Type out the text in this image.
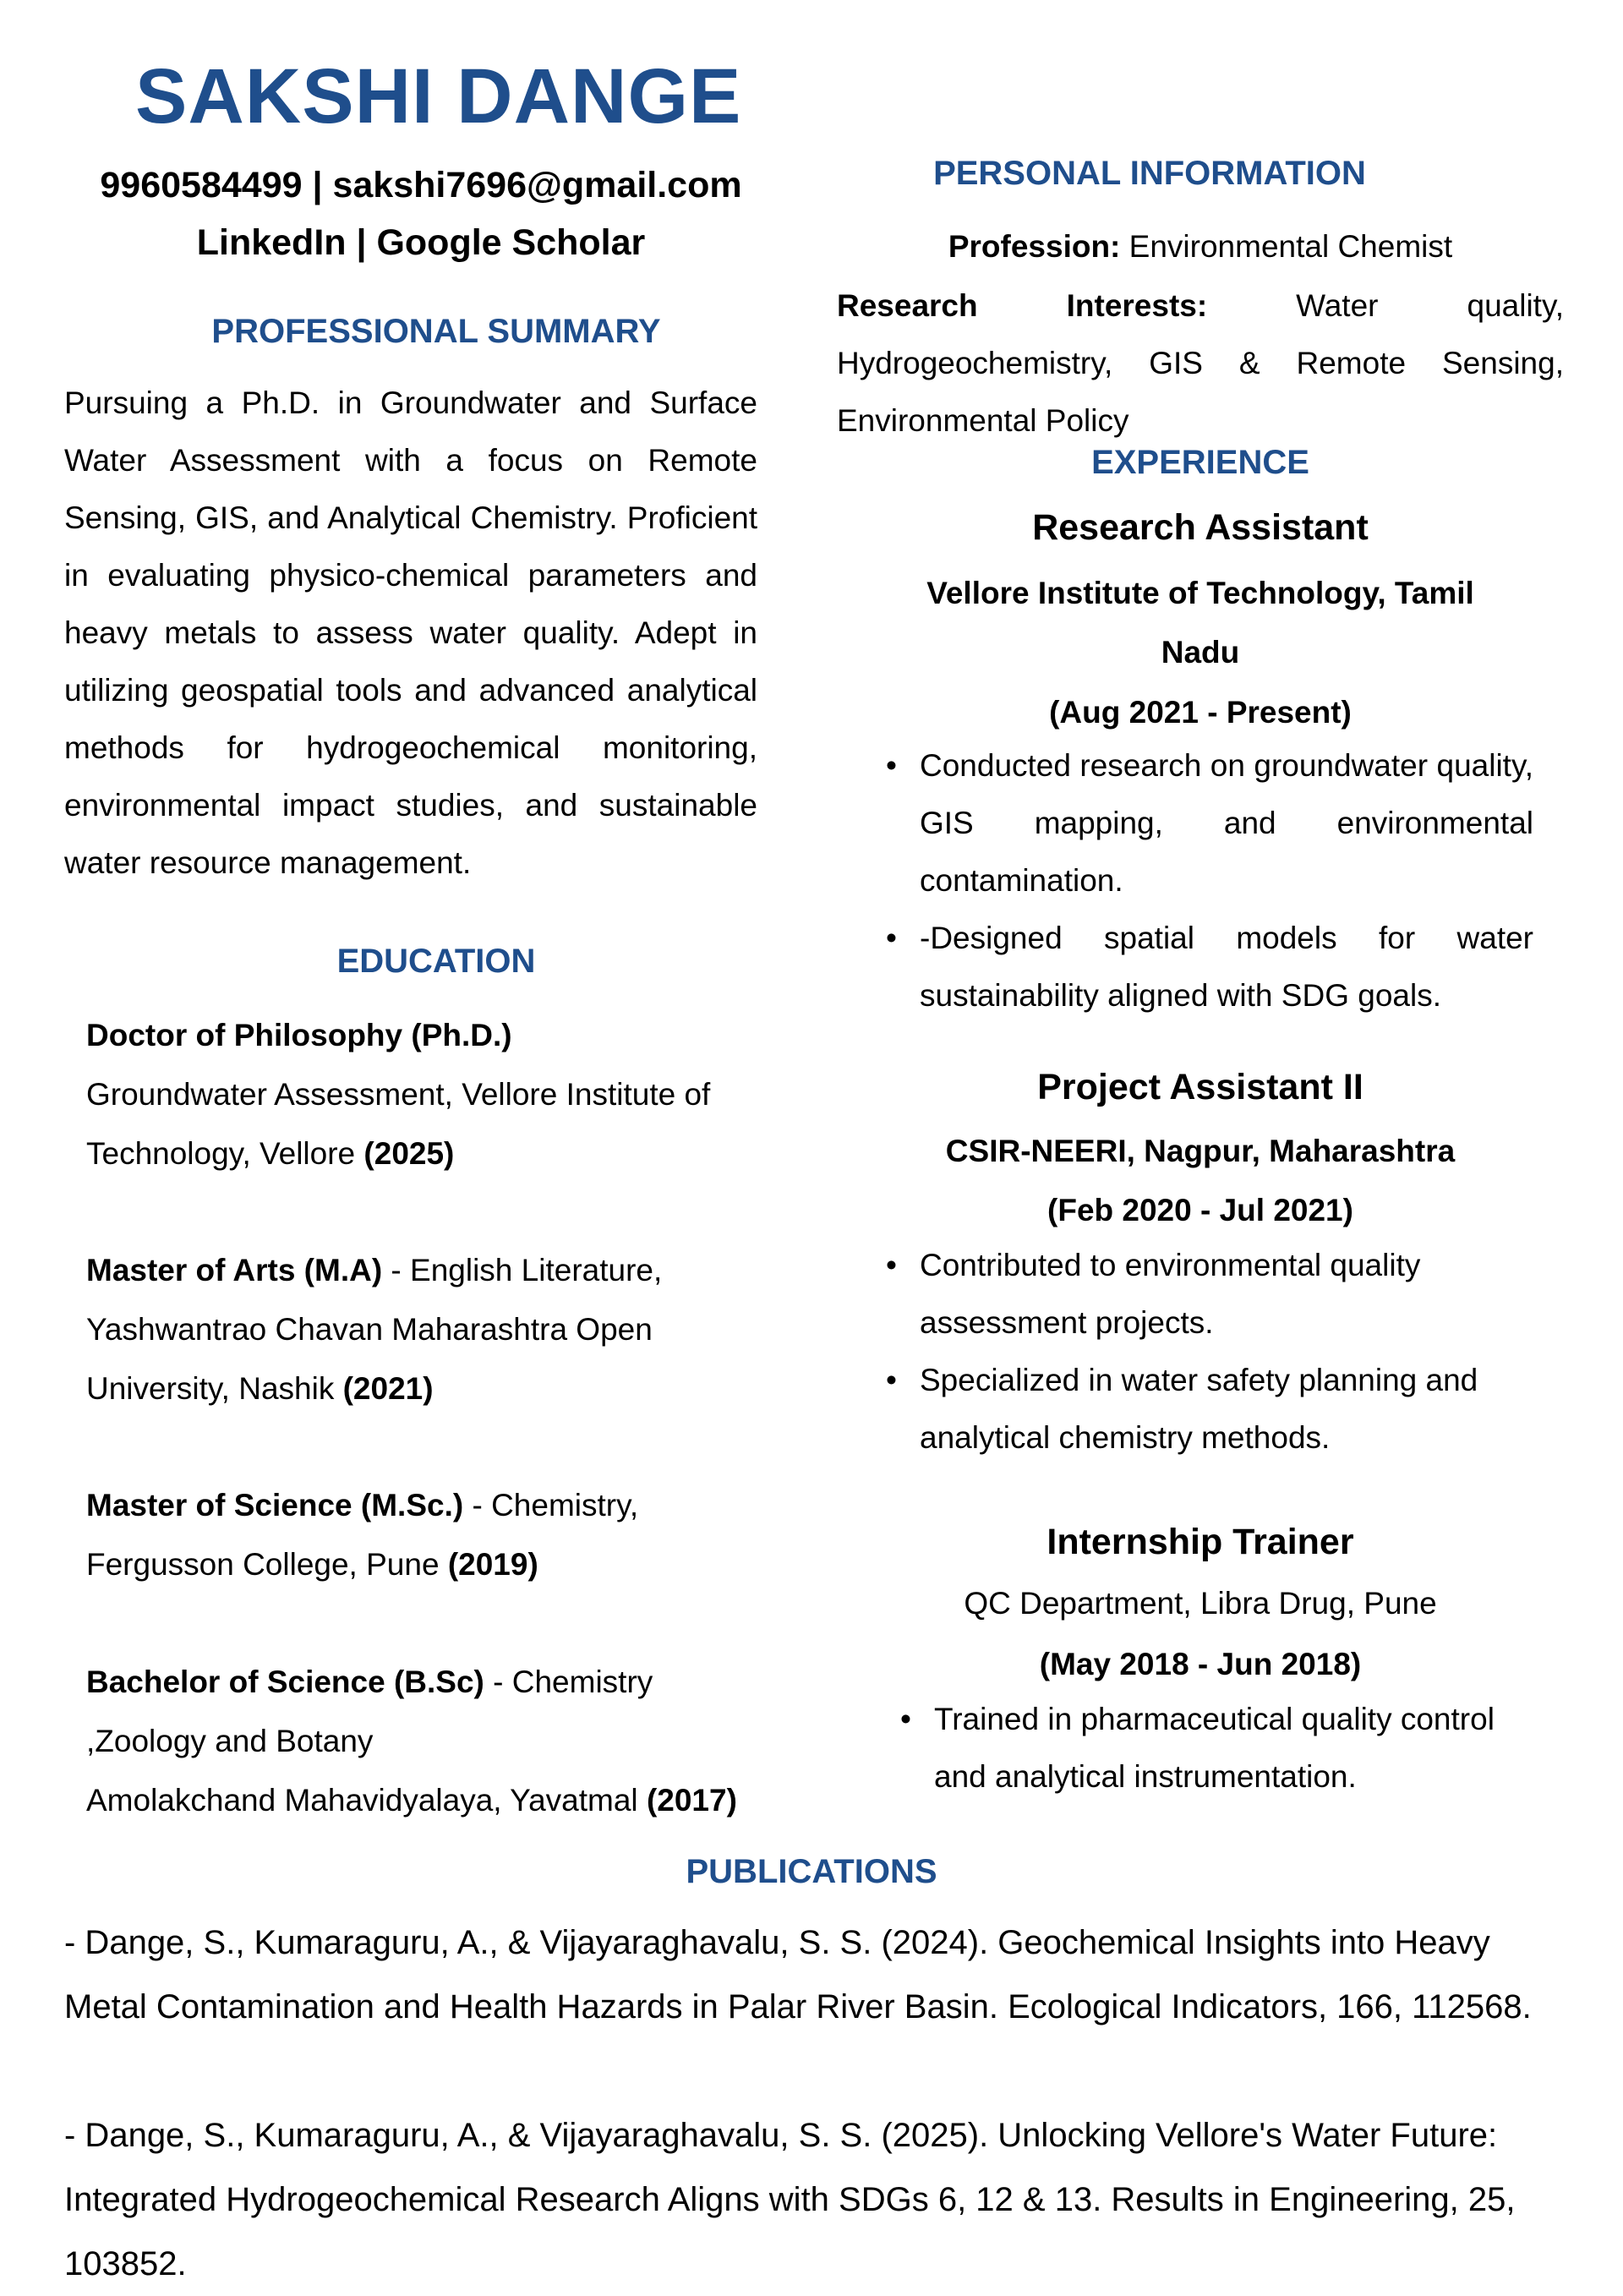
SAKSHI DANGE
9960584499 | sakshi7696@gmail.com
LinkedIn | Google Scholar
PROFESSIONAL SUMMARY
Pursuing a Ph.D. in Groundwater and Surface Water Assessment with a focus on Remote Sensing, GIS, and Analytical Chemistry. Proficient in evaluating physico-chemical parameters and heavy metals to assess water quality. Adept in utilizing geospatial tools and advanced analytical methods for hydrogeochemical monitoring, environmental impact studies, and sustainable water resource management.
EDUCATION
Doctor of Philosophy (Ph.D.)
Groundwater Assessment, Vellore Institute of Technology, Vellore (2025)
Master of Arts (M.A) - English Literature, Yashwantrao Chavan Maharashtra Open University, Nashik (2021)
Master of Science (M.Sc.) - Chemistry, Fergusson College, Pune (2019)
Bachelor of Science (B.Sc) - Chemistry ,Zoology and Botany
Amolakchand Mahavidyalaya, Yavatmal (2017)
PERSONAL INFORMATION
Profession: Environmental Chemist
Research Interests: Water quality, Hydrogeochemistry, GIS & Remote Sensing, Environmental Policy
EXPERIENCE
Research Assistant
Vellore Institute of Technology, Tamil Nadu
(Aug 2021 - Present)
• Conducted research on groundwater quality, GIS mapping, and environmental contamination.
• -Designed spatial models for water sustainability aligned with SDG goals.
Project Assistant II
CSIR-NEERI, Nagpur, Maharashtra
(Feb 2020 - Jul 2021)
• Contributed to environmental quality assessment projects.
• Specialized in water safety planning and analytical chemistry methods.
Internship Trainer
QC Department, Libra Drug, Pune
(May 2018 - Jun 2018)
• Trained in pharmaceutical quality control and analytical instrumentation.
PUBLICATIONS
- Dange, S., Kumaraguru, A., & Vijayaraghavalu, S. S. (2024). Geochemical Insights into Heavy Metal Contamination and Health Hazards in Palar River Basin. Ecological Indicators, 166, 112568.
- Dange, S., Kumaraguru, A., & Vijayaraghavalu, S. S. (2025). Unlocking Vellore's Water Future: Integrated Hydrogeochemical Research Aligns with SDGs 6, 12 & 13. Results in Engineering, 25, 103852.
